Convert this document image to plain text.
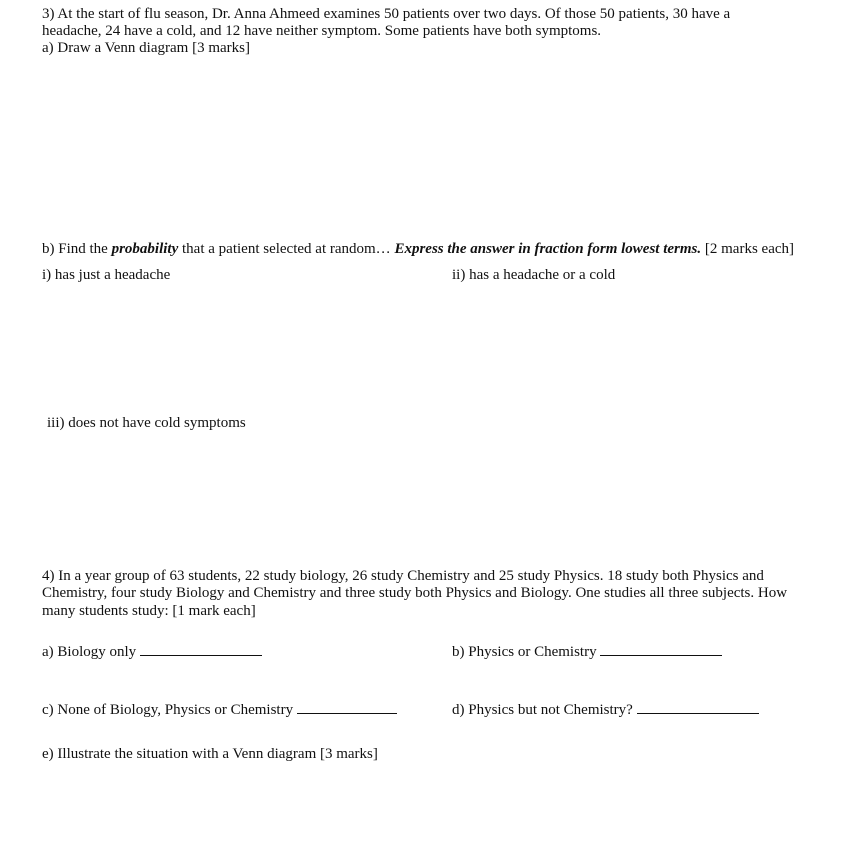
3) At the start of flu season, Dr. Anna Ahmeed examines 50 patients over two days. Of those 50 patients, 30 have a
headache, 24 have a cold, and 12 have neither symptom. Some patients have both symptoms.
a) Draw a Venn diagram [3 marks]
b) Find the probability that a patient selected at random… Express the answer in fraction form lowest terms. [2 marks each]
i) has just a headache	ii) has a headache or a cold
iii) does not have cold symptoms
4) In a year group of 63 students, 22 study biology, 26 study Chemistry and 25 study Physics. 18 study both Physics and
Chemistry, four study Biology and Chemistry and three study both Physics and Biology. One studies all three subjects. How
many students study: [1 mark each]
a) Biology only	b) Physics or Chemistry
c) None of Biology, Physics or Chemistry	d) Physics but not Chemistry?
e) Illustrate the situation with a Venn diagram [3 marks]
